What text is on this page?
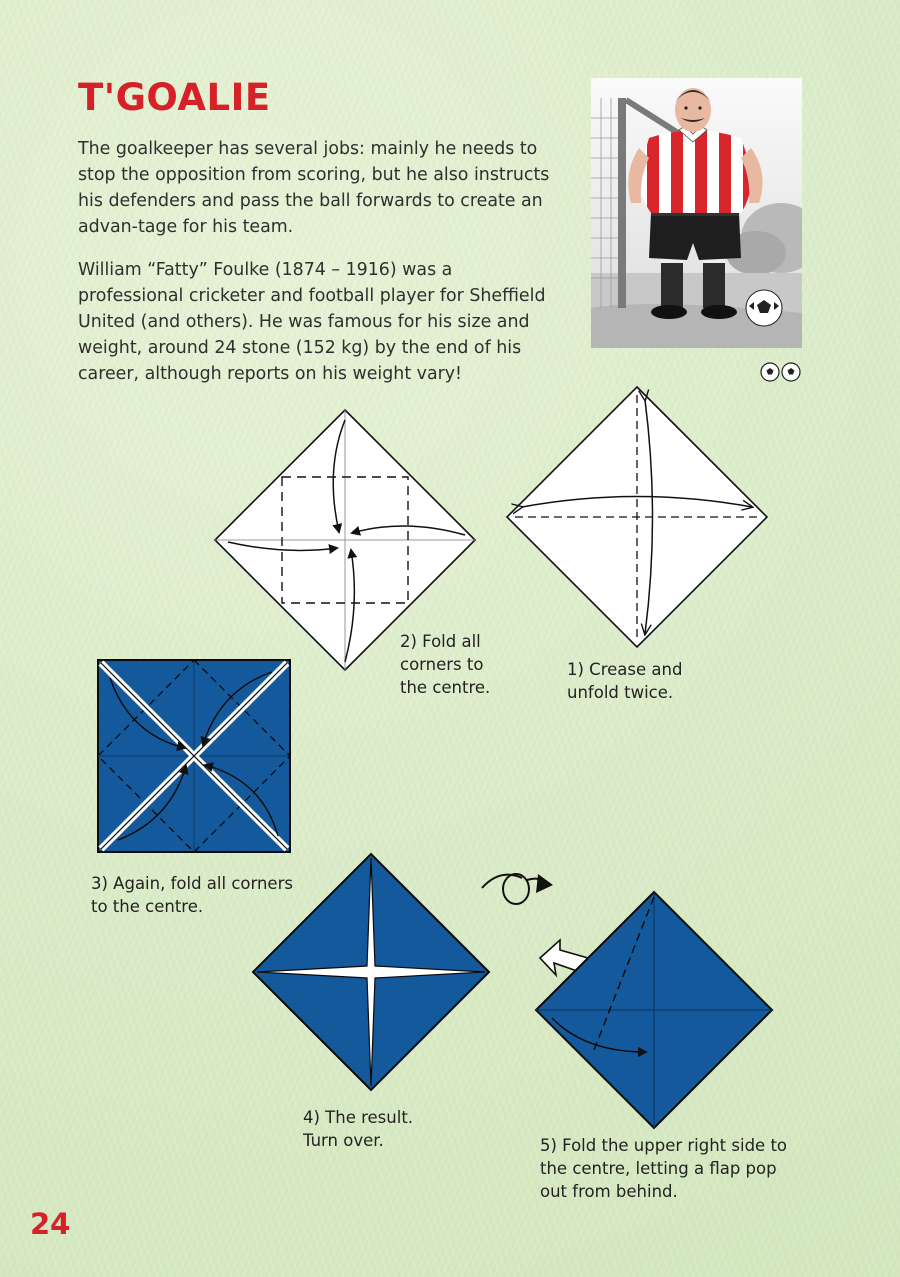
T'GOALIE

The goalkeeper has several jobs: mainly he needs to stop the opposition from scoring, but he also instructs his defenders and pass the ball forwards to create an advan-tage for his team.

William “Fatty” Foulke (1874 – 1916) was a professional cricketer and football player for Sheffield United (and others). He was famous for his size and weight, around 24 stone (152 kg) by the end of his career, although reports on his weight vary!

1) Crease and unfold twice.

2) Fold all corners to the centre.

3) Again, fold all corners to the centre.

4) The result. Turn over.	5) Fold the upper right side to the centre, letting a flap pop out from behind.

24
